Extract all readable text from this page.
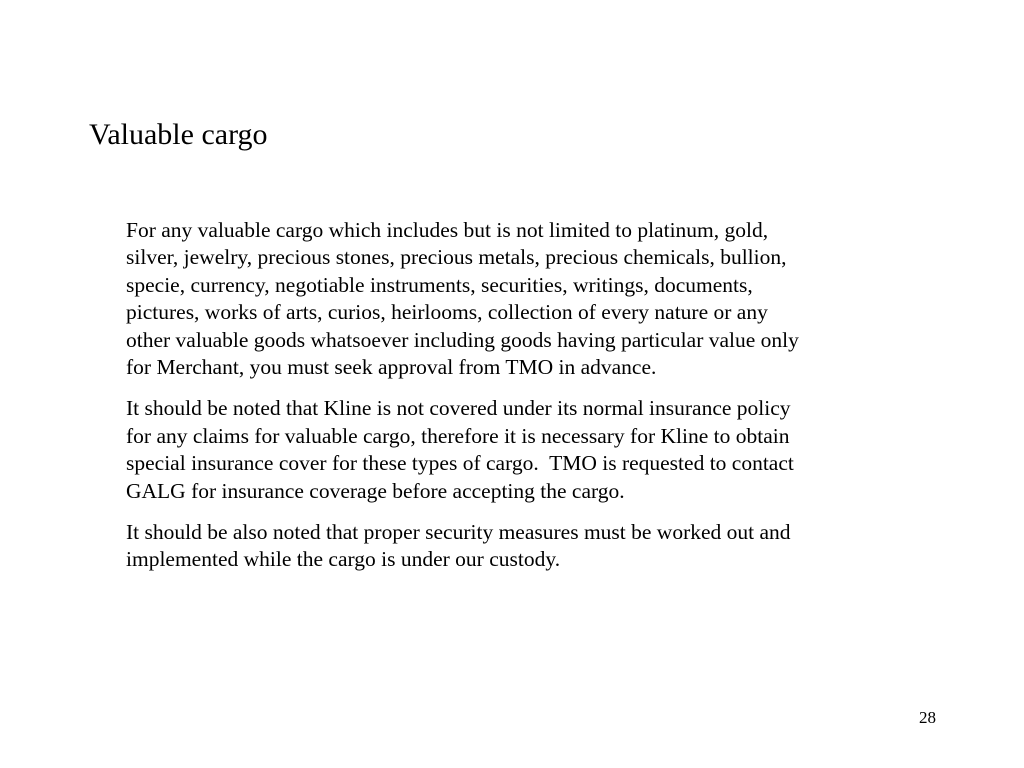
Valuable cargo

For any valuable cargo which includes but is not limited to platinum, gold,
silver, jewelry, precious stones, precious metals, precious chemicals, bullion,
specie, currency, negotiable instruments, securities, writings, documents,
pictures, works of arts, curios, heirlooms, collection of every nature or any
other valuable goods whatsoever including goods having particular value only
for Merchant, you must seek approval from TMO in advance.

It should be noted that Kline is not covered under its normal insurance policy
for any claims for valuable cargo, therefore it is necessary for Kline to obtain
special insurance cover for these types of cargo.  TMO is requested to contact
GALG for insurance coverage before accepting the cargo.

It should be also noted that proper security measures must be worked out and
implemented while the cargo is under our custody.

28
